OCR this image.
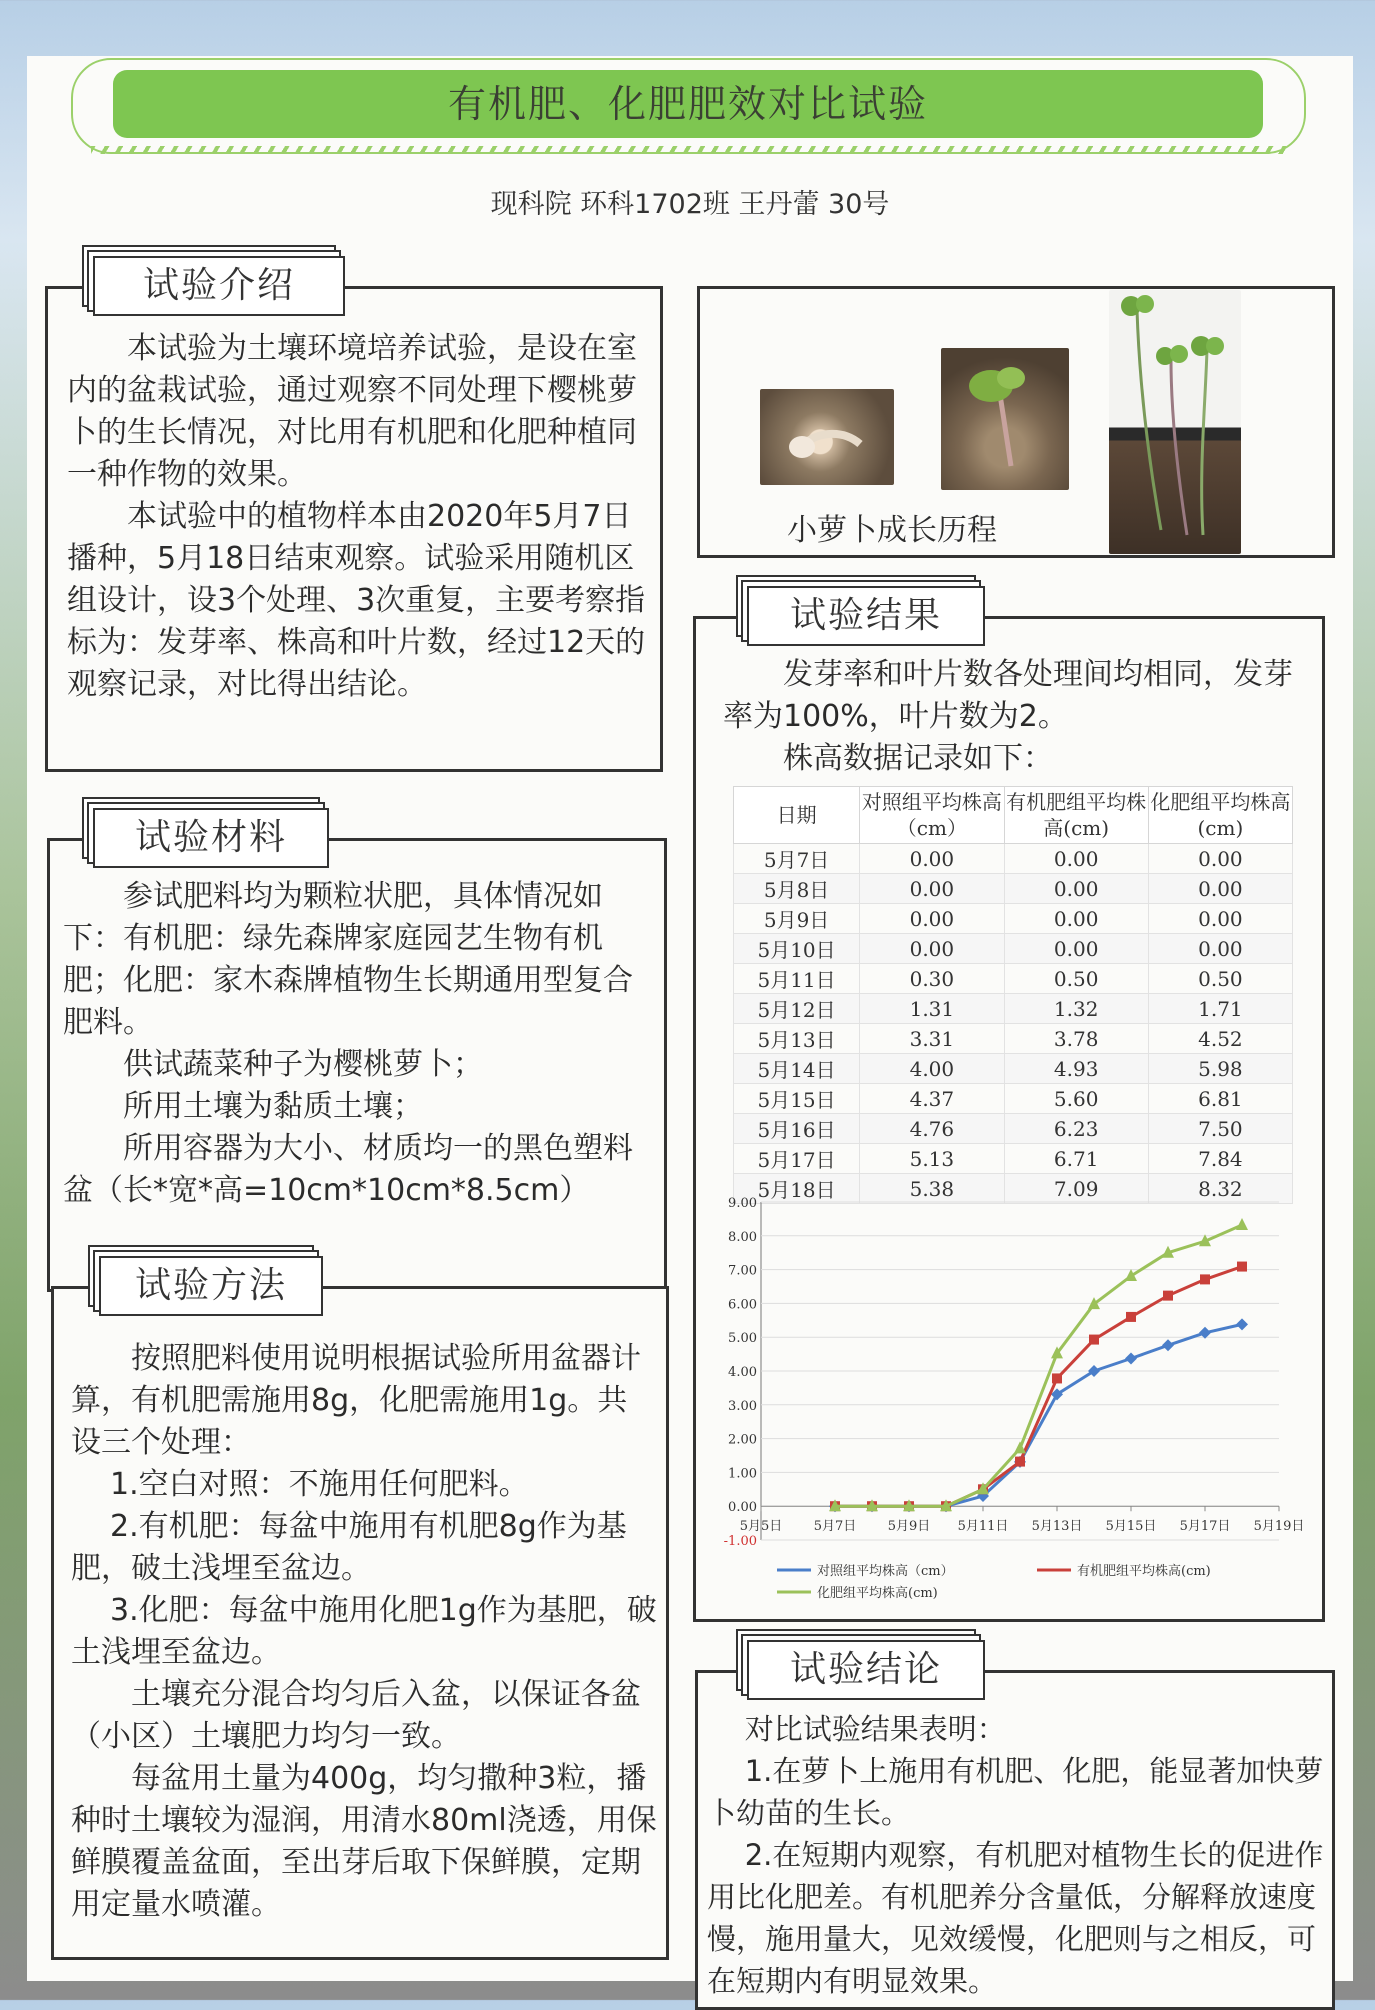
有机肥、化肥肥效对比试验
现科院 环科1702班 王丹蕾 30号
试验介绍

本试验为土壤环境培养试验，是设在室内的盆栽试验，通过观察不同处理下樱桃萝卜的生长情况，对比用有机肥和化肥种植同一种作物的效果。

本试验中的植物样本由2020年5月7日播种，5月18日结束观察。试验采用随机区组设计，设3个处理、3次重复，主要考察指标为：发芽率、株高和叶片数，经过12天的观察记录，对比得出结论。

小萝卜成长历程
试验材料

参试肥料均为颗粒状肥，具体情况如下：有机肥：绿先森牌家庭园艺生物有机肥；化肥：家木森牌植物生长期通用型复合肥料。

供试蔬菜种子为樱桃萝卜；

所用土壤为黏质土壤；

所用容器为大小、材质均一的黑色塑料盆（长*宽*高=10cm*10cm*8.5cm）

试验方法

按照肥料使用说明根据试验所用盆器计算，有机肥需施用8g，化肥需施用1g。共设三个处理：

1.空白对照：不施用任何肥料。

2.有机肥：每盆中施用有机肥8g作为基肥，破土浅埋至盆边。

3.化肥：每盆中施用化肥1g作为基肥，破土浅埋至盆边。

土壤充分混合均匀后入盆，以保证各盆（小区）土壤肥力均匀一致。

每盆用土量为400g，均匀撒种3粒，播种时土壤较为湿润，用清水80ml浇透，用保鲜膜覆盖盆面，至出芽后取下保鲜膜，定期用定量水喷灌。

试验结果

发芽率和叶片数各处理间均相同，发芽率为100%，叶片数为2。

株高数据记录如下：

日期	对照组平均株高（cm）	有机肥组平均株高(cm)	化肥组平均株高(cm)
5月7日	0.00	0.00	0.00
5月8日	0.00	0.00	0.00
5月9日	0.00	0.00	0.00
5月10日	0.00	0.00	0.00
5月11日	0.30	0.50	0.50
5月12日	1.31	1.32	1.71
5月13日	3.31	3.78	4.52
5月14日	4.00	4.93	5.98
5月15日	4.37	5.60	6.81
5月16日	4.76	6.23	7.50
5月17日	5.13	6.71	7.84
5月18日	5.38	7.09	8.32
9.00
8.00
7.00
6.00
5.00
4.00
3.00
2.00
1.00
0.00
-1.00
5月5日 5月7日 5月9日 5月11日 5月13日 5月15日 5月17日 5月19日
对照组平均株高（cm）	有机肥组平均株高(cm)
化肥组平均株高(cm)
试验结论

对比试验结果表明：

1.在萝卜上施用有机肥、化肥，能显著加快萝卜幼苗的生长。

2.在短期内观察，有机肥对植物生长的促进作用比化肥差。有机肥养分含量低，分解释放速度慢，施用量大，见效缓慢，化肥则与之相反，可在短期内有明显效果。
